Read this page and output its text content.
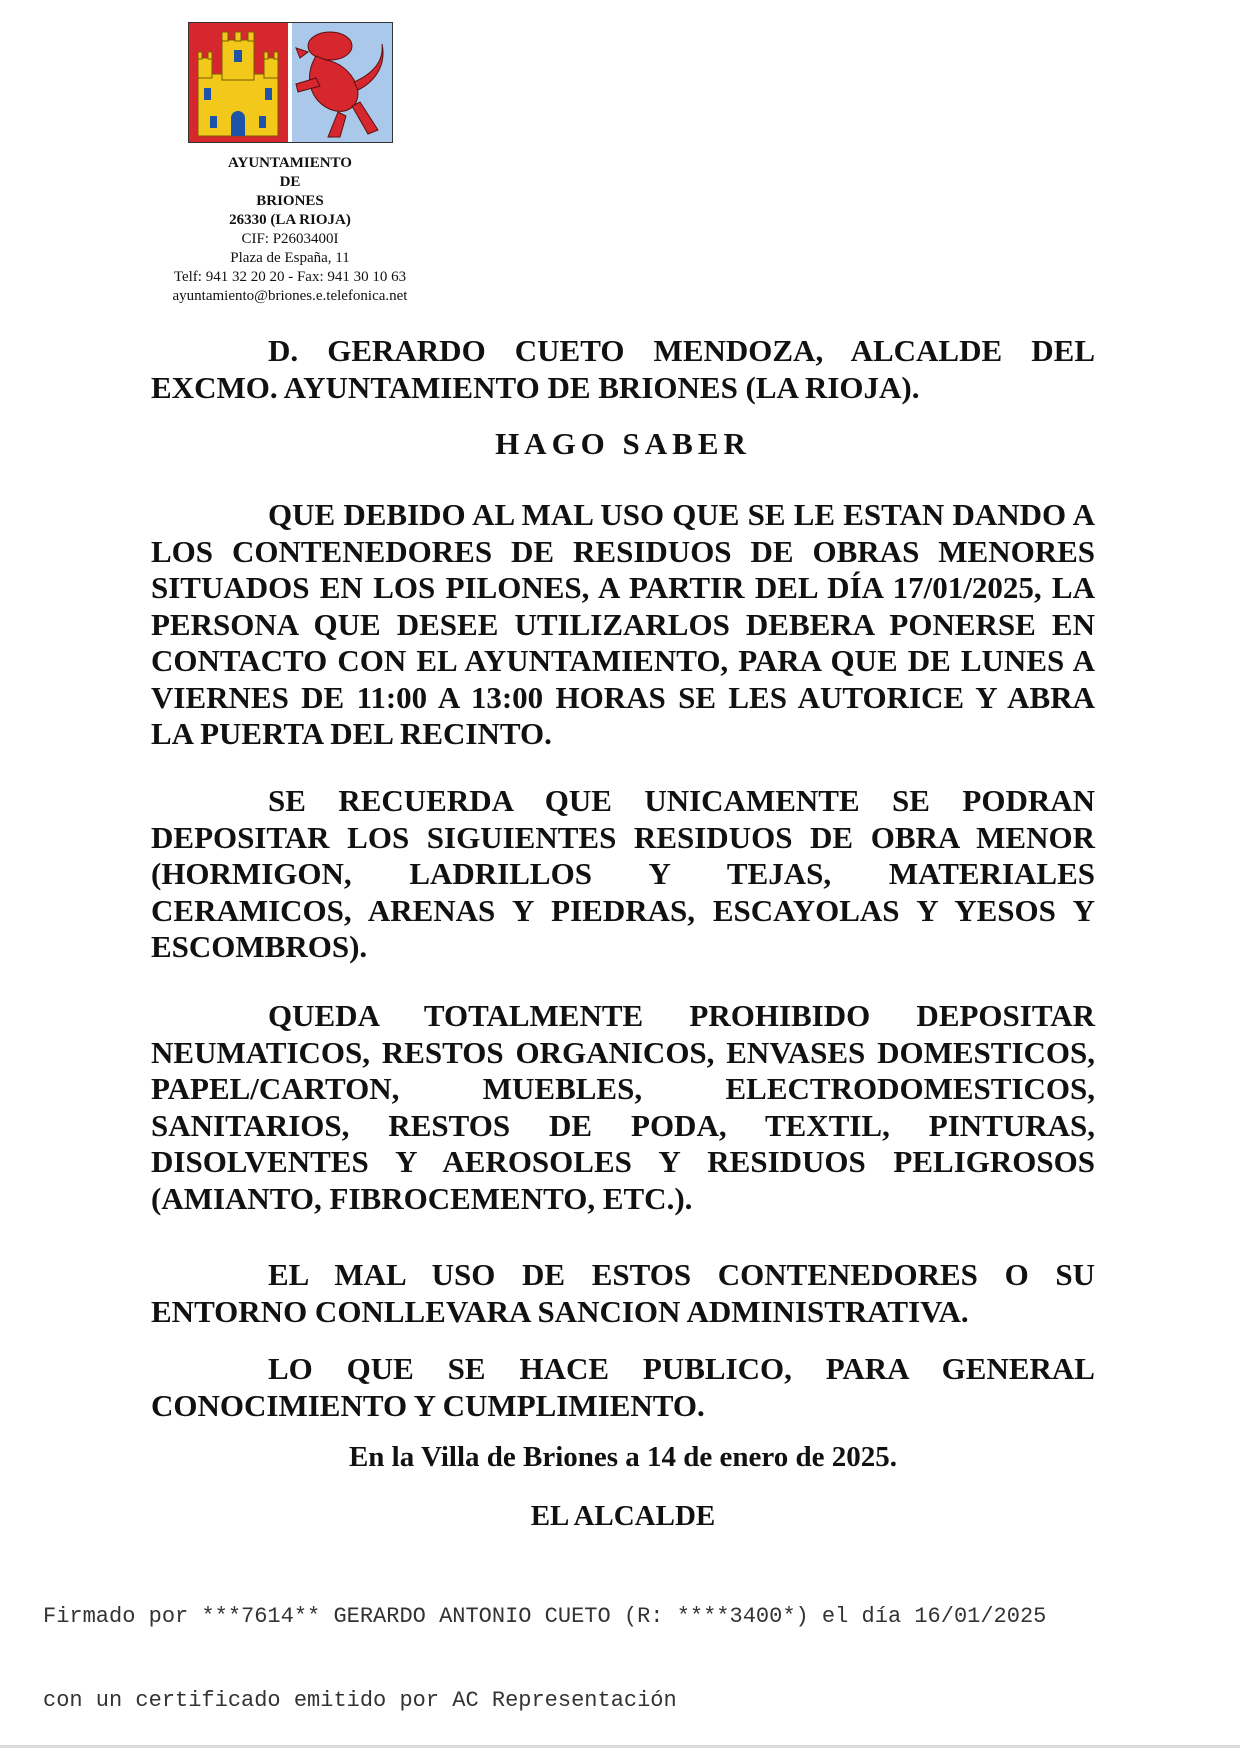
AYUNTAMIENTO
DE
BRIONES
26330 (LA RIOJA)
CIF: P2603400I
Plaza de España, 11
Telf: 941 32 20 20 - Fax: 941 30 10 63
ayuntamiento@briones.e.telefonica.net
D. GERARDO CUETO MENDOZA, ALCALDE DEL EXCMO. AYUNTAMIENTO DE BRIONES (LA RIOJA).
HAGO SABER
QUE DEBIDO AL MAL USO QUE SE LE ESTAN DANDO A LOS CONTENEDORES DE RESIDUOS DE OBRAS MENORES SITUADOS EN LOS PILONES, A PARTIR DEL DÍA 17/01/2025, LA PERSONA QUE DESEE UTILIZARLOS DEBERA PONERSE EN CONTACTO CON EL AYUNTAMIENTO, PARA QUE DE LUNES A VIERNES DE 11:00 A 13:00 HORAS SE LES AUTORICE Y ABRA LA PUERTA DEL RECINTO.
SE RECUERDA QUE UNICAMENTE SE PODRAN DEPOSITAR LOS SIGUIENTES RESIDUOS DE OBRA MENOR (HORMIGON, LADRILLOS Y TEJAS, MATERIALES CERAMICOS, ARENAS Y PIEDRAS, ESCAYOLAS Y YESOS Y ESCOMBROS).
QUEDA TOTALMENTE PROHIBIDO DEPOSITAR NEUMATICOS, RESTOS ORGANICOS, ENVASES DOMESTICOS, PAPEL/CARTON, MUEBLES, ELECTRODOMESTICOS, SANITARIOS, RESTOS DE PODA, TEXTIL, PINTURAS, DISOLVENTES Y AEROSOLES Y RESIDUOS PELIGROSOS (AMIANTO, FIBROCEMENTO, ETC.).
EL MAL USO DE ESTOS CONTENEDORES O SU ENTORNO CONLLEVARA SANCION ADMINISTRATIVA.
LO QUE SE HACE PUBLICO, PARA GENERAL CONOCIMIENTO Y CUMPLIMIENTO.
En la Villa de Briones a 14 de enero de 2025.
EL ALCALDE

Firmado por ***7614** GERARDO ANTONIO CUETO (R: ****3400*) el día 16/01/2025

con un certificado emitido por AC Representación
